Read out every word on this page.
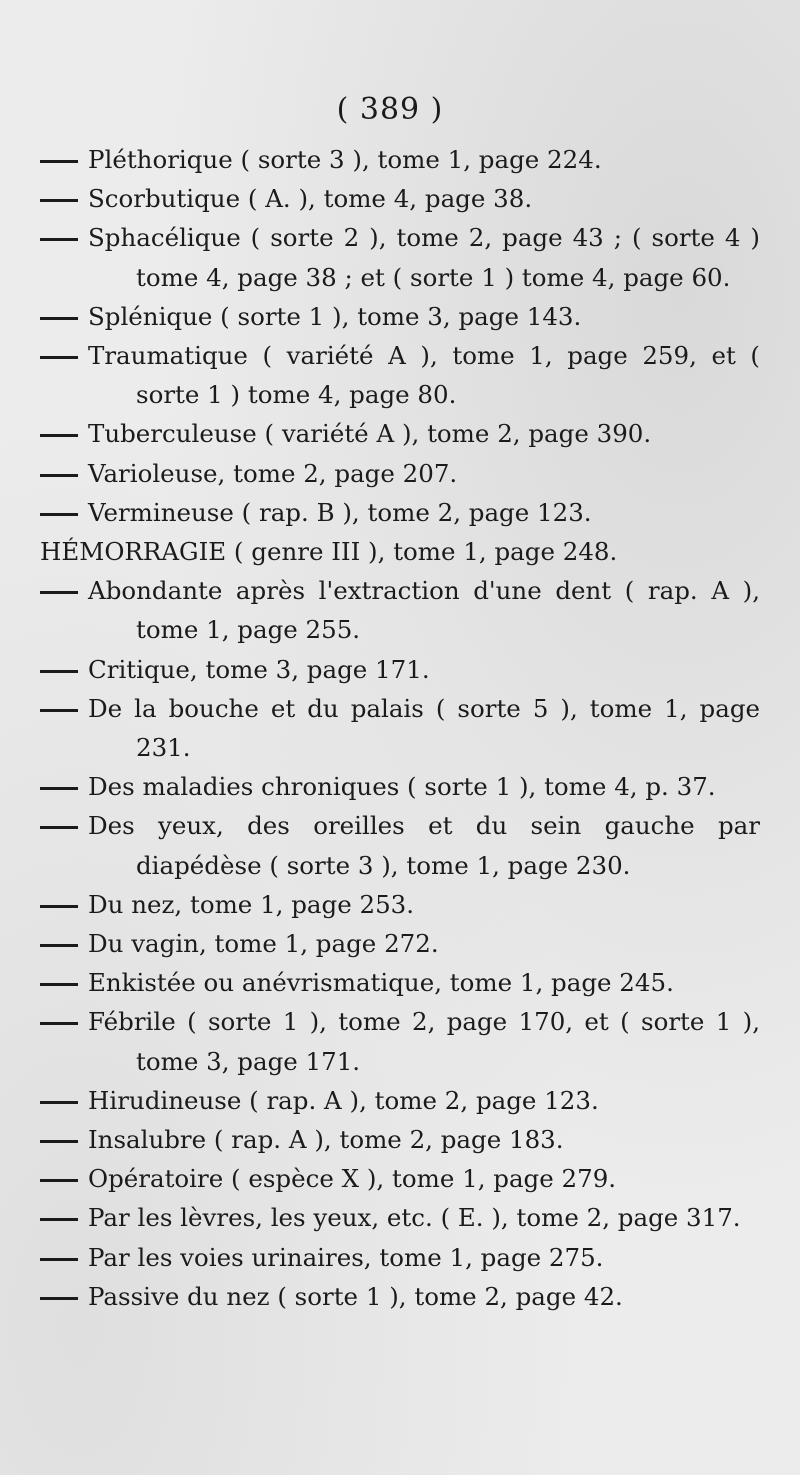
( 389 )
Pléthorique ( sorte 3 ), tome 1, page 224.
Scorbutique ( A. ), tome 4, page 38.
Sphacélique ( sorte 2 ), tome 2, page 43 ; ( sorte 4 ) tome 4, page 38 ; et ( sorte 1 ) tome 4, page 60.
Splénique ( sorte 1 ), tome 3, page 143.
Traumatique ( variété A ), tome 1, page 259, et ( sorte 1 ) tome 4, page 80.
Tuberculeuse ( variété A ), tome 2, page 390.
Varioleuse, tome 2, page 207.
Vermineuse ( rap. B ), tome 2, page 123.
HÉMORRAGIE ( genre III ), tome 1, page 248.
Abondante après l'extraction d'une dent ( rap. A ), tome 1, page 255.
Critique, tome 3, page 171.
De la bouche et du palais ( sorte 5 ), tome 1, page 231.
Des maladies chroniques ( sorte 1 ), tome 4, p. 37.
Des yeux, des oreilles et du sein gauche par diapédèse ( sorte 3 ), tome 1, page 230.
Du nez, tome 1, page 253.
Du vagin, tome 1, page 272.
Enkistée ou anévrismatique, tome 1, page 245.
Fébrile ( sorte 1 ), tome 2, page 170, et ( sorte 1 ), tome 3, page 171.
Hirudineuse ( rap. A ), tome 2, page 123.
Insalubre ( rap. A ), tome 2, page 183.
Opératoire ( espèce X ), tome 1, page 279.
Par les lèvres, les yeux, etc. ( E. ), tome 2, page 317.
Par les voies urinaires, tome 1, page 275.
Passive du nez ( sorte 1 ), tome 2, page 42.
